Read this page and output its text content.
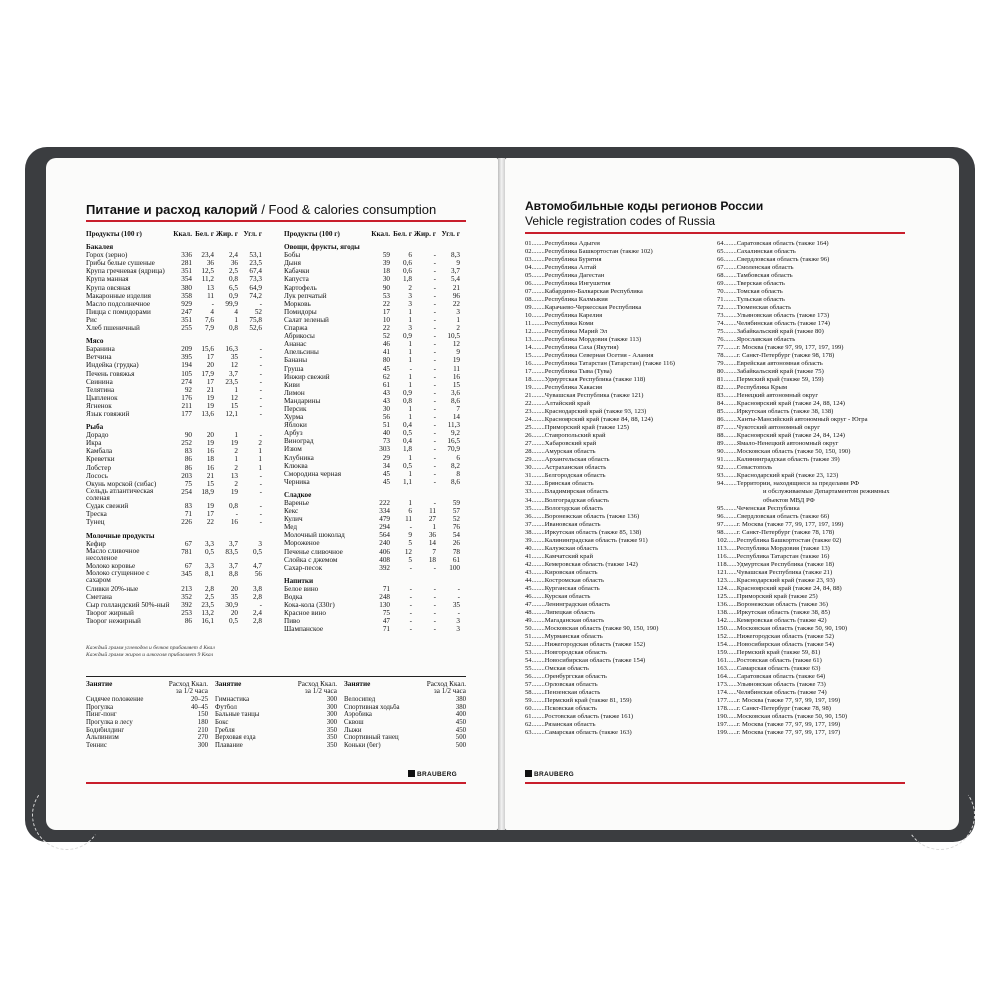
Питание и расход калорий / Food & calories consumption
Продукты (100 г)	Ккал. Бел. г Жир. г Угл. г
Бакалея
Горох (зерно)	336	23,4	2,4	53,1
Грибы белые сушеные	281	36	36	23,5
Крупа гречневая (ядрица)	351	12,5	2,5	67,4
Крупа манная	354	11,2	0,8	73,3
Крупа овсяная	380	13	6,5	64,9
Макаронные изделия	358	11	0,9	74,2
Масло подсолнечное	929	-	99,9	-
Пицца с помидорами	247	4	4	52
Рис	351	7,6	1	75,8
Хлеб пшеничный	255	7,9	0,8	52,6
Мясо
Баранина	209	15,6	16,3	-
Ветчина	395	17	35	-
Индейка (грудка)	194	20	12	-
Печень говяжья	105	17,9	3,7	-
Свинина	274	17	23,5	-
Телятина	92	21	1	-
Цыпленок	176	19	12	-
Ягненок	211	19	15	-
Язык говяжий	177	13,6	12,1	-
Рыба
Дорадо	90	20	1	-
Икра	252	19	19	2
Камбала	83	16	2	1
Креветки	86	18	1	1
Лобстер	86	16	2	1
Лосось	203	21	13	-
Окунь морской (сибас)	75	15	2	-
Сельдь атлантическая соленая
254	18,9	19	-
Судак свежий	83	19	0,8	-
Треска	71	17	-	-
Тунец	226	22	16	-
Молочные продукты
Кефир	67	3,3	3,7	3
Масло сливочное несоленое
781	0,5	83,5	0,5
Молоко коровье	67	3,3	3,7	4,7
Молоко сгущенное с сахаром
345	8,1	8,8	56
Сливки 20%-ные	213	2,8	20	3,8
Сметана	352	2,5	35	2,8
Сыр голландский 50%-ный	392	23,5	30,9	-
Творог жирный	253	13,2	20	2,4
Творог нежирный	86	16,1	0,5	2,8
Продукты (100 г)	Ккал. Бел. г Жир. г Угл. г
Овощи, фрукты, ягоды
Бобы	59	6	-	8,3
Дыня	39	0,6	-	9
Кабачки	18	0,6	-	3,7
Капуста	30	1,8	-	5,4
Картофель	90	2	-	21
Лук репчатый	53	3	-	96
Морковь	22	3	-	22
Помидоры	17	1	-	3
Салат зеленый	10	1	-	1
Спаржа	22	3	-	2
Абрикосы	52	0,9	-	10,5
Ананас	46	1	-	12
Апельсины	41	1	-	9
Бананы	80	1	-	19
Груша	45	-	-	11
Инжир свежий	62	1	-	16
Киви	61	1	-	15
Лимон	43	0,9	-	3,6
Мандарины	43	0,8	-	8,6
Персик	30	1	-	7
Хурма	56	1	-	14
Яблоки	51	0,4	-	11,3
Арбуз	40	0,5	-	9,2
Виноград	73	0,4	-	16,5
Изюм	303	1,8	-	70,9
Клубника	29	1	-	6
Клюква	34	0,5	-	8,2
Смородина черная	45	1	-	8
Черника	45	1,1	-	8,6
Сладкое
Варенье	222	1	-	59
Кекс	334	6	11	57
Кулич	479	11	27	52
Мед	294	-	1	76
Молочный шоколад	564	9	36	54
Мороженое	240	5	14	26
Печенье сливочное	406	12	7	78
Слойка с джемом	408	5	18	61
Сахар-песок	392	-	-	100
Напитки
Белое вино	71	-	-	-
Водка	248	-	-	-
Кока-кола (330г)	130	-	-	35
Красное вино	75	-	-	-
Пиво	47	-	-	3
Шампанское	71	-	-	3
Каждый грамм углеводов и белков прибавляет 4 Ккал
Каждый грамм жиров и алкоголя прибавляет 9 Ккал
Занятие	Расход Ккал. за 1/2 часа
Сидячее положение	20–25
Прогулка	40–45
Пинг-понг	150
Прогулка в лесу	180
Бодибилдинг	210
Альпинизм	270
Теннис	300
Занятие	Расход Ккал. за 1/2 часа
Гимнастика	300
Футбол	300
Бальные танцы	300
Бокс	300
Гребля	350
Верховая езда	350
Плавание	350
Занятие	Расход Ккал. за 1/2 часа
Велосипед	380
Спортивная ходьба	380
Аэробика	400
Сквош	450
Лыжи	450
Спортивный танец	500
Коньки (бег)	500
BRAUBERG
Автомобильные коды регионов России
Vehicle registration codes of Russia
01........Республика Адыгея
02........Республика Башкортостан (также 102)
03........Республика Бурятия
04........Республика Алтай
05........Республика Дагестан
06........Республика Ингушетия
07........Кабардино-Балкарская Республика
08........Республика Калмыкия
09........Карачаево-Черкесская Республика
10........Республика Карелия
11........Республика Коми
12........Республика Марий Эл
13........Республика Мордовия (также 113)
14........Республика Саха (Якутия)
15........Республика Северная Осетия - Алания
16........Республика Татарстан (Татарстан) (также 116)
17........Республика Тыва (Тува)
18........Удмуртская Республика (также 118)
19........Республика Хакасия
21........Чувашская Республика (также 121)
22........Алтайский край
23........Краснодарский край (также 93, 123)
24........Красноярский край (также 84, 88, 124)
25........Приморский край (также 125)
26........Ставропольский край
27........Хабаровский край
28........Амурская область
29........Архангельская область
30........Астраханская область
31........Белгородская область
32........Брянская область
33........Владимирская область
34........Волгоградская область
35........Вологодская область
36........Воронежская область (также 136)
37........Ивановская область
38........Иркутская область (также 85, 138)
39........Калининградская область (также 91)
40........Калужская область
41........Камчатский край
42........Кемеровская область (также 142)
43........Кировская область
44........Костромская область
45........Курганская область
46........Курская область
47........Ленинградская область
48........Липецкая область
49........Магаданская область
50........Московская область (также 90, 150, 190)
51........Мурманская область
52........Нижегородская область (также 152)
53........Новгородская область
54........Новосибирская область (также 154)
55........Омская область
56........Оренбургская область
57........Орловская область
58........Пензенская область
59........Пермский край (также 81, 159)
60........Псковская область
61........Ростовская область (также 161)
62........Рязанская область
63........Самарская область (также 163)
64........Саратовская область (также 164)
65........Сахалинская область
66........Свердловская область (также 96)
67........Смоленская область
68........Тамбовская область
69........Тверская область
70........Томская область
71........Тульская область
72........Тюменская область
73........Ульяновская область (также 173)
74........Челябинская область (также 174)
75........Забайкальский край (также 80)
76........Ярославская область
77........г. Москва (также 97, 99, 177, 197, 199)
78........г. Санкт-Петербург (также 98, 178)
79........Еврейская автономная область
80........Забайкальский край (также 75)
81........Пермский край (также 59, 159)
82........Республика Крым
83........Ненецкий автономный округ
84........Красноярский край (также 24, 88, 124)
85........Иркутская область (также 38, 138)
86........Ханты-Мансийский автономный округ - Югра
87........Чукотский автономный округ
88........Красноярский край (также 24, 84, 124)
89........Ямало-Ненецкий автономный округ
90........Московская область (также 50, 150, 190)
91........Калининградская область (также 39)
92........Севастополь
93........Краснодарский край (также 23, 123)
94........Территории, находящиеся за пределами РФ
и обслуживаемые Департаментом режимных
объектов МВД РФ
95........Чеченская Республика
96........Свердловская область (также 66)
97........г. Москва (также 77, 99, 177, 197, 199)
98........г. Санкт-Петербург (также 78, 178)
102......Республика Башкортостан (также 02)
113......Республика Мордовия (также 13)
116......Республика Татарстан (также 16)
118......Удмуртская Республика (также 18)
121......Чувашская Республика (также 21)
123......Краснодарский край (также 23, 93)
124......Красноярский край (также 24, 84, 88)
125......Приморский край (также 25)
136......Воронежская область (также 36)
138......Иркутская область (также 38, 85)
142......Кемеровская область (также 42)
150......Московская область (также 50, 90, 190)
152......Нижегородская область (также 52)
154......Новосибирская область (также 54)
159......Пермский край (также 59, 81)
161......Ростовская область (также 61)
163......Самарская область (также 63)
164......Саратовская область (также 64)
173......Ульяновская область (также 73)
174......Челябинская область (также 74)
177......г. Москва (также 77, 97, 99, 197, 199)
178......г. Санкт-Петербург (также 78, 98)
190......Московская область (также 50, 90, 150)
197......г. Москва (также 77, 97, 99, 177, 199)
199......г. Москва (также 77, 97, 99, 177, 197)
BRAUBERG
